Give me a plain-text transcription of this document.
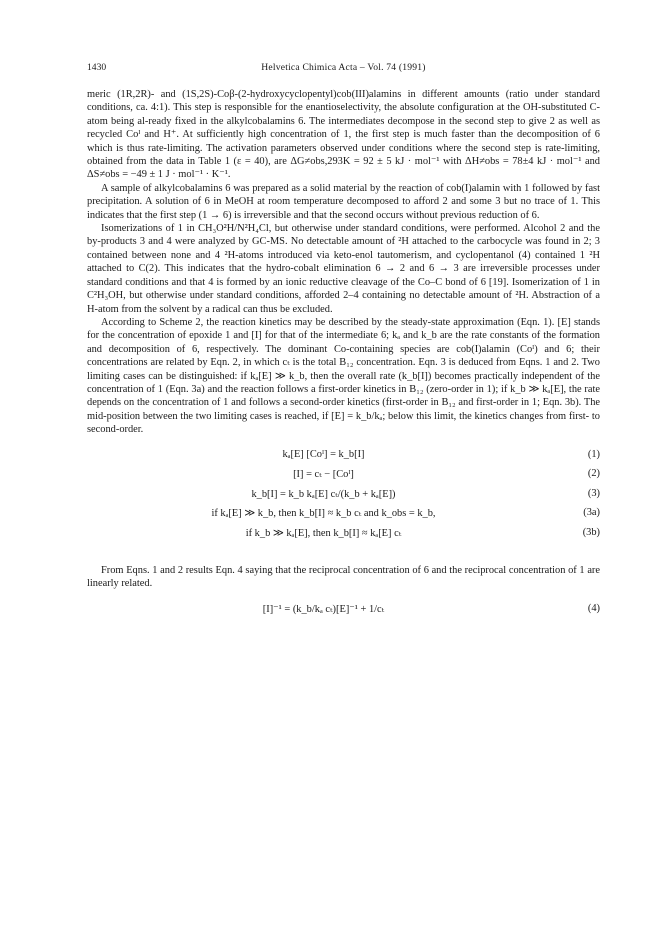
1430	Helvetica Chimica Acta – Vol. 74 (1991)

meric (1R,2R)- and (1S,2S)-Coβ-(2-hydroxycyclopentyl)cob(III)alamins in different amounts (ratio under standard conditions, ca. 4:1). This step is responsible for the enantioselectivity, the absolute configuration at the OH-substituted C-atom being al-ready fixed in the alkylcobalamins 6. The intermediates decompose in the second step to give 2 as well as recycled Coᴵ and H⁺. At sufficiently high concentration of 1, the first step is much faster than the decomposition of 6 which is thus rate-limiting. The activation parameters observed under conditions where the second step is rate-limiting, obtained from the data in Table 1 (ε = 40), are ΔG≠obs,293K = 92 ± 5 kJ · mol⁻¹ with ΔH≠obs = 78±4 kJ · mol⁻¹ and ΔS≠obs = −49 ± 1 J · mol⁻¹ · K⁻¹.

A sample of alkylcobalamins 6 was prepared as a solid material by the reaction of cob(I)alamin with 1 followed by fast precipitation. A solution of 6 in MeOH at room temperature decomposed to afford 2 and some 3 but no trace of 1. This indicates that the first step (1 → 6) is irreversible and that the second occurs without previous reduction of 6.

Isomerizations of 1 in CH₃O²H/N²H₄Cl, but otherwise under standard conditions, were performed. Alcohol 2 and the by-products 3 and 4 were analyzed by GC-MS. No detectable amount of ²H attached to the carbocycle was found in 2; 3 contained between none and 4 ²H-atoms introduced via keto-enol tautomerism, and cyclopentanol (4) contained 1 ²H attached to C(2). This indicates that the hydro-cobalt elimination 6 → 2 and 6 → 3 are irreversible processes under standard conditions and that 4 is formed by an ionic reductive cleavage of the Co–C bond of 6 [19]. Isomerization of 1 in C²H₃OH, but otherwise under standard conditions, afforded 2–4 containing no detectable amount of ²H. Abstraction of a H-atom from the solvent by a radical can thus be excluded.

According to Scheme 2, the reaction kinetics may be described by the steady-state approximation (Eqn. 1). [E] stands for the concentration of epoxide 1 and [I] for that of the intermediate 6; kₐ and k_b are the rate constants of the formation and decomposition of 6, respectively. The dominant Co-containing species are cob(I)alamin (Coᴵ) and 6; their concentrations are related by Eqn. 2, in which cₜ is the total B₁₂ concentration. Eqn. 3 is deduced from Eqns. 1 and 2. Two limiting cases can be distinguished: if kₐ[E] ≫ k_b, then the overall rate (k_b[I]) becomes practically independent of the concentration of 1 (Eqn. 3a) and the reaction follows a first-order kinetics in B₁₂ (zero-order in 1); if k_b ≫ kₐ[E], the rate depends on the concentration of 1 and follows a second-order kinetics (first-order in B₁₂ and first-order in 1; Eqn. 3b). The mid-position between the two limiting cases is reached, if [E] = k_b/kₐ; below this limit, the kinetics changes from first- to second-order.

kₐ[E] [Coᴵ] = k_b[I]	(1)
[I] = cₜ − [Coᴵ]	(2)
k_b[I] = k_b kₐ[E] cₜ/(k_b + kₐ[E])	(3)
if kₐ[E] ≫ k_b, then k_b[I] ≈ k_b cₜ and k_obs = k_b,	(3a)
if k_b ≫ kₐ[E], then k_b[I] ≈ kₐ[E] cₜ	(3b)

From Eqns. 1 and 2 results Eqn. 4 saying that the reciprocal concentration of 6 and the reciprocal concentration of 1 are linearly related.

[I]⁻¹ = (k_b/kₐ cₜ)[E]⁻¹ + 1/cₜ	(4)
